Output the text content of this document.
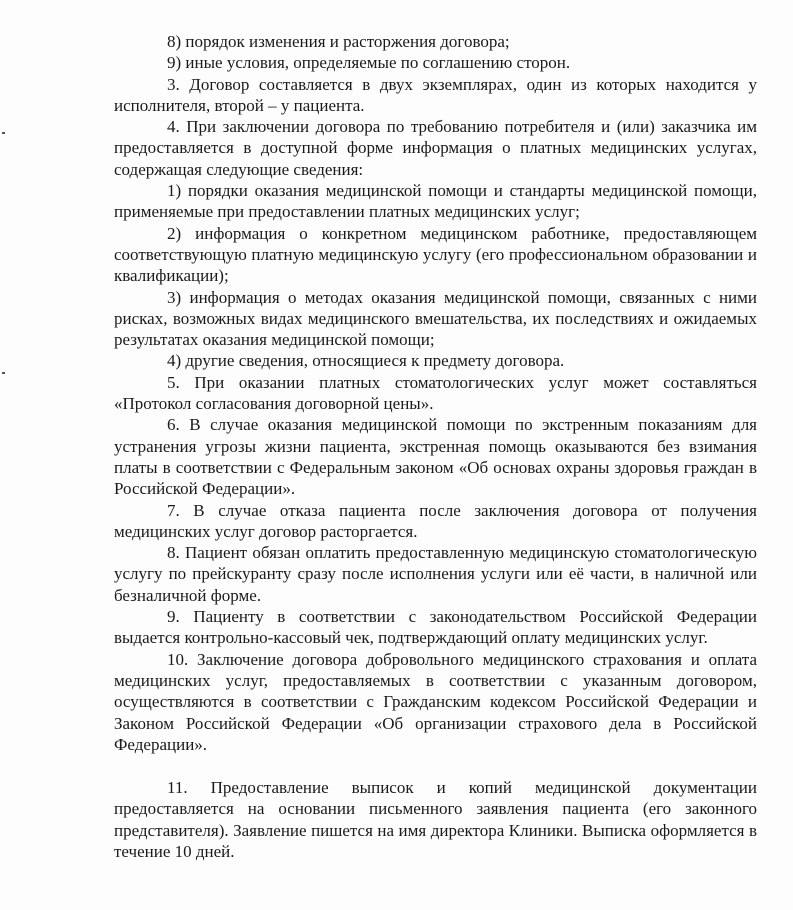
8) порядок изменения и расторжения договора;

9) иные условия, определяемые по соглашению сторон.

3. Договор составляется в двух экземплярах, один из которых находится у исполнителя, второй – у пациента.

4. При заключении договора по требованию потребителя и (или) заказчика им предоставляется в доступной форме информация о платных медицинских услугах, содержащая следующие сведения:

1) порядки оказания медицинской помощи и стандарты медицинской помощи, применяемые при предоставлении платных медицинских услуг;

2) информация о конкретном медицинском работнике, предоставляющем соответствующую платную медицинскую услугу (его профессиональном образовании и квалификации);

3) информация о методах оказания медицинской помощи, связанных с ними рисках, возможных видах медицинского вмешательства, их последствиях и ожидаемых результатах оказания медицинской помощи;

4) другие сведения, относящиеся к предмету договора.

5. При оказании платных стоматологических услуг может составляться «Протокол согласования договорной цены».

6. В случае оказания медицинской помощи по экстренным показаниям для устранения угрозы жизни пациента, экстренная помощь оказываются без взимания платы в соответствии с Федеральным законом «Об основах охраны здоровья граждан в Российской Федерации».

7. В случае отказа пациента после заключения договора от получения медицинских услуг договор расторгается.

8. Пациент обязан оплатить предоставленную медицинскую стоматологическую услугу по прейскуранту сразу после исполнения услуги или её части, в наличной или безналичной форме.

9. Пациенту в соответствии с законодательством Российской Федерации выдается контрольно-кассовый чек, подтверждающий оплату медицинских услуг.

10. Заключение договора добровольного медицинского страхования и оплата медицинских услуг, предоставляемых в соответствии с указанным договором, осуществляются в соответствии с Гражданским кодексом Российской Федерации и Законом Российской Федерации «Об организации страхового дела в Российской Федерации».

11. Предоставление выписок и копий медицинской документации предоставляется на основании письменного заявления пациента (его законного представителя). Заявление пишется на имя директора Клиники. Выписка оформляется в течение 10 дней.
